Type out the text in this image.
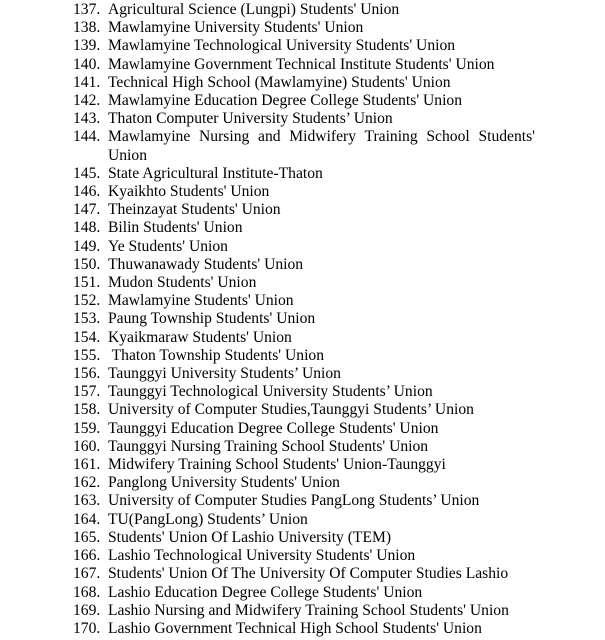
137. Agricultural Science (Lungpi) Students' Union
138. Mawlamyine University Students' Union
139. Mawlamyine Technological University Students' Union
140. Mawlamyine Government Technical Institute Students' Union
141. Technical High School (Mawlamyine) Students' Union
142. Mawlamyine Education Degree College Students' Union
143. Thaton Computer University Students’ Union
144. Mawlamyine Nursing and Midwifery Training School Students' Union
145. State Agricultural Institute-Thaton
146. Kyaikhto Students' Union
147. Theinzayat Students' Union
148. Bilin Students' Union
149. Ye Students' Union
150. Thuwanawady Students' Union
151. Mudon Students' Union
152. Mawlamyine Students' Union
153. Paung Township Students' Union
154. Kyaikmaraw Students' Union
155. Thaton Township Students' Union
156. Taunggyi University Students’ Union
157. Taunggyi Technological University Students’ Union
158. University of Computer Studies,Taunggyi Students’ Union
159. Taunggyi Education Degree College Students' Union
160. Taunggyi Nursing Training School Students' Union
161. Midwifery Training School Students' Union-Taunggyi
162. Panglong University Students' Union
163. University of Computer Studies PangLong Students’ Union
164. TU(PangLong) Students’ Union
165. Students' Union Of Lashio University (TEM)
166. Lashio Technological University Students' Union
167. Students' Union Of The University Of Computer Studies Lashio
168. Lashio Education Degree College Students' Union
169. Lashio Nursing and Midwifery Training School Students' Union
170. Lashio Government Technical High School Students' Union
